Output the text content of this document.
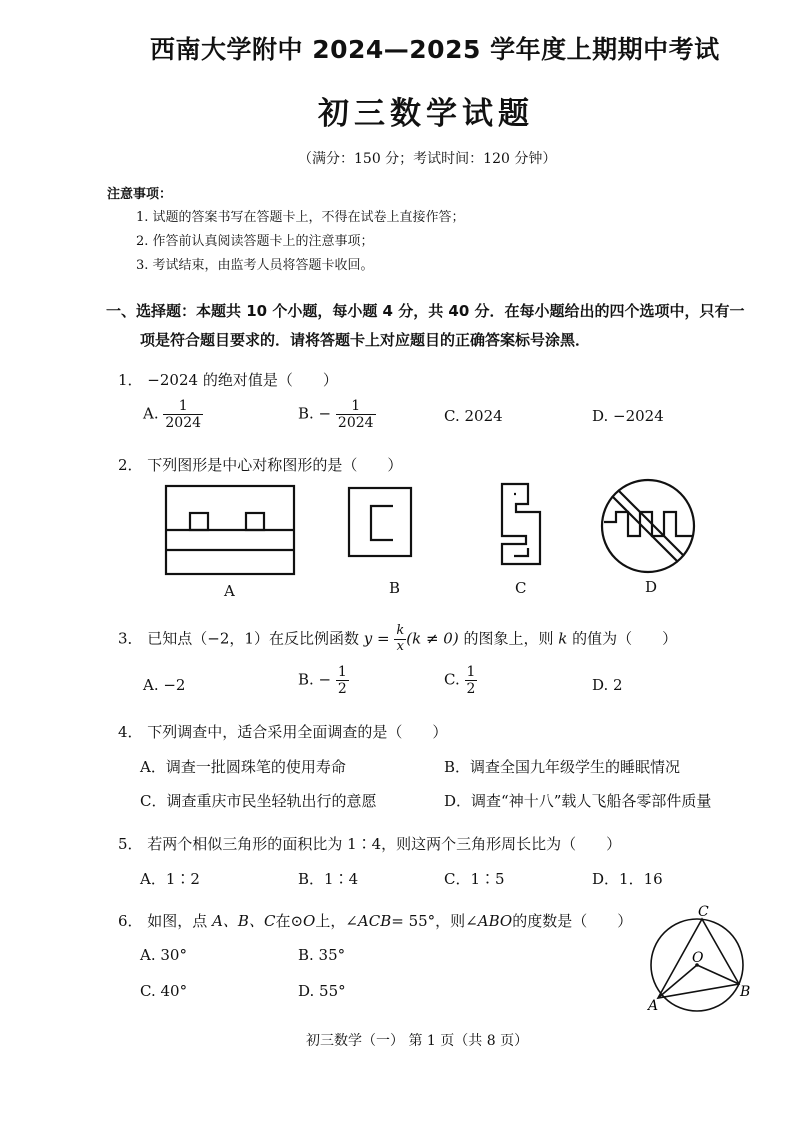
西南大学附中 2024—2025 学年度上期期中考试
初三数学试题
（满分：150 分；考试时间：120 分钟）
注意事项：
1. 试题的答案书写在答题卡上，不得在试卷上直接作答；
2. 作答前认真阅读答题卡上的注意事项；
3. 考试结束，由监考人员将答题卡收回。
一、选择题：本题共 10 个小题，每小题 4 分，共 40 分．在每小题给出的四个选项中，只有一
项是符合题目要求的．请将答题卡上对应题目的正确答案标号涂黑．
1． −2024 的绝对值是（　　）
A. $\frac{1}{2024}$	B. − $\frac{1}{2024}$	C. 2024	D. −2024
2． 下列图形是中心对称图形的是（　　）
A	B	C	D
3． 已知点（−2，1）在反比例函数 $y = \frac{k}{x} (k \ne 0)$ 的图象上，则 k 的值为（　　）
A. −2	B. − $\frac{1}{2}$	C. $\frac{1}{2}$	D. 2
4． 下列调查中，适合采用全面调查的是（　　）
A．调查一批圆珠笔的使用寿命	B．调查全国九年级学生的睡眠情况
C．调查重庆市民坐轻轨出行的意愿	D．调查“神十八”载人飞船各零部件质量
5． 若两个相似三角形的面积比为 1∶4，则这两个三角形周长比为（　　）
A．1∶2	B．1∶4	C．1∶5	D．1．16
6． 如图，点 A、B、C在⊙O上，∠ACB= 55°，则∠ABO的度数是（　　）
A. 30°	B. 35°
C. 40°	D. 55°
C
O
A
B
初三数学（一） 第 1 页（共 8 页）
